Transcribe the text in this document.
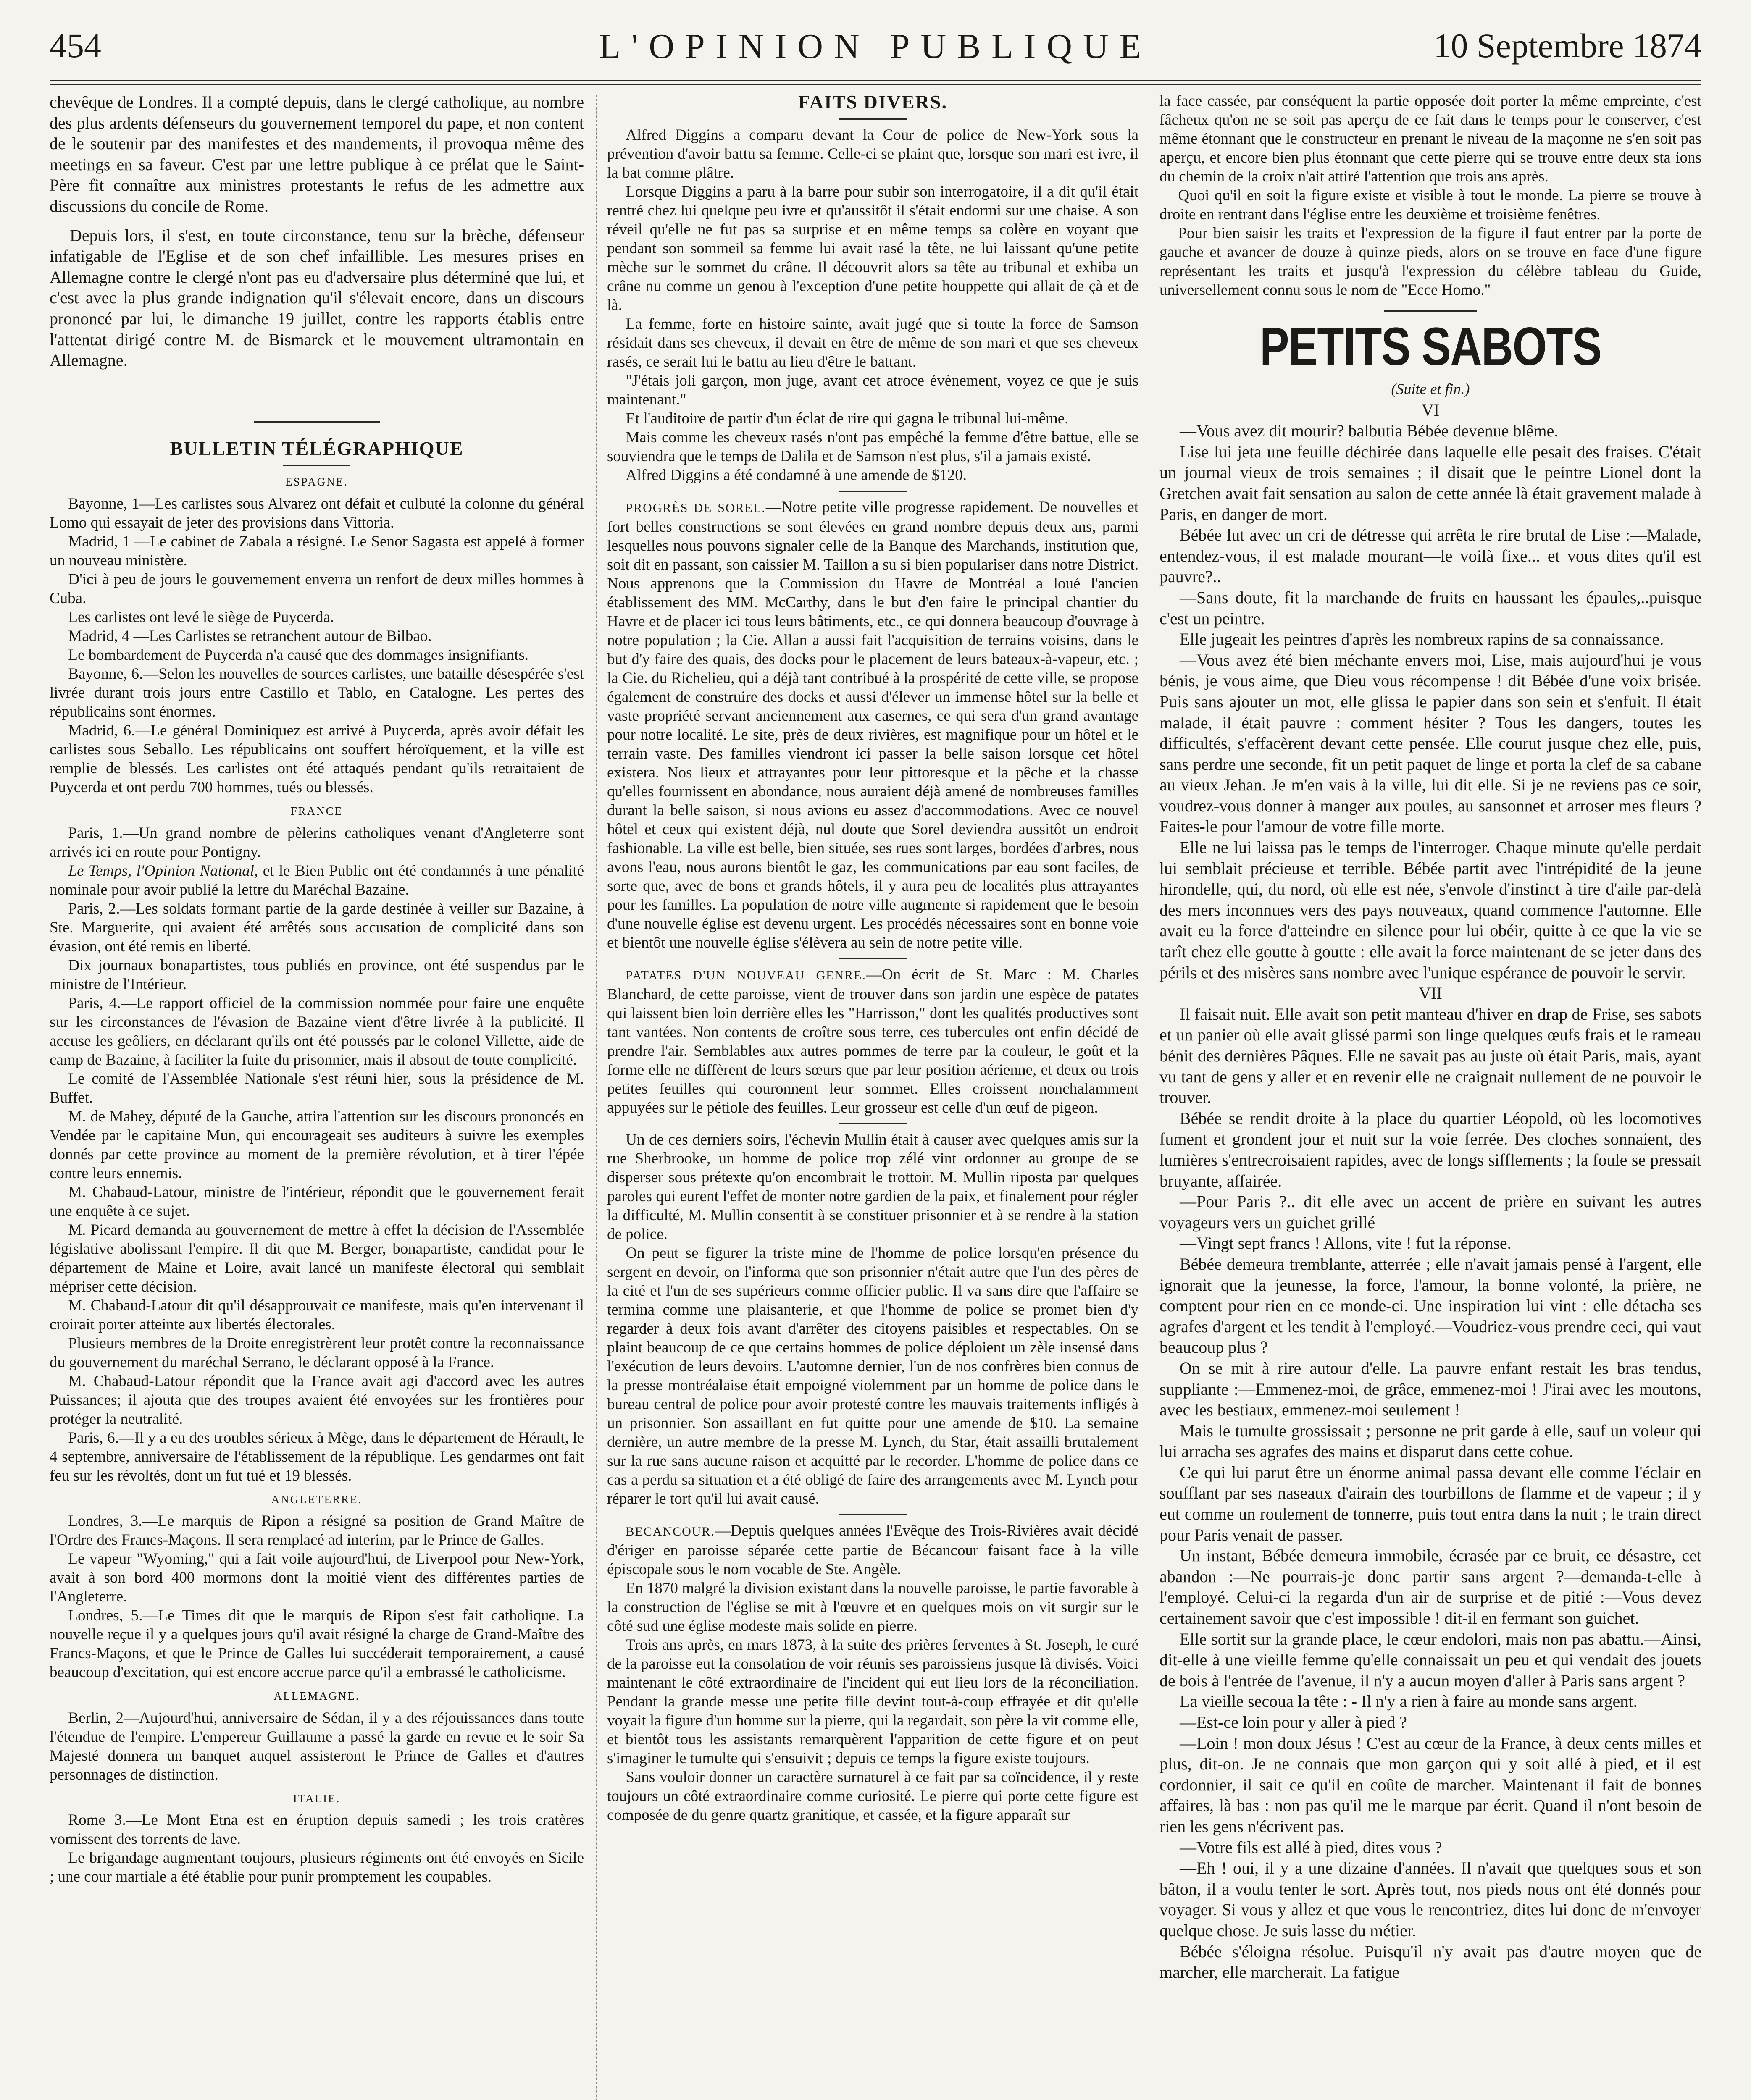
454	L'OPINION PUBLIQUE	10 Septembre 1874

chevêque de Londres. Il a compté depuis, dans le clergé catholique, au nombre des plus ardents défenseurs du gouvernement temporel du pape, et non content de le soutenir par des manifestes et des mandements, il provoqua même des meetings en sa faveur. C'est par une lettre publique à ce prélat que le Saint-Père fit connaître aux ministres protestants le refus de les admettre aux discussions du concile de Rome.

Depuis lors, il s'est, en toute circonstance, tenu sur la brèche, défenseur infatigable de l'Eglise et de son chef infaillible. Les mesures prises en Allemagne contre le clergé n'ont pas eu d'adversaire plus déterminé que lui, et c'est avec la plus grande indignation qu'il s'élevait encore, dans un discours prononcé par lui, le dimanche 19 juillet, contre les rapports établis entre l'attentat dirigé contre M. de Bismarck et le mouvement ultramontain en Allemagne.

BULLETIN TÉLÉGRAPHIQUE
ESPAGNE.

Bayonne, 1—Les carlistes sous Alvarez ont défait et culbuté la colonne du général Lomo qui essayait de jeter des provisions dans Vittoria.

Madrid, 1 —Le cabinet de Zabala a résigné. Le Senor Sagasta est appelé à former un nouveau ministère.

D'ici à peu de jours le gouvernement enverra un renfort de deux milles hommes à Cuba.

Les carlistes ont levé le siège de Puycerda.

Madrid, 4 —Les Carlistes se retranchent autour de Bilbao.

Le bombardement de Puycerda n'a causé que des dommages insignifiants.

Bayonne, 6.—Selon les nouvelles de sources carlistes, une bataille désespérée s'est livrée durant trois jours entre Castillo et Tablo, en Catalogne. Les pertes des républicains sont énormes.

Madrid, 6.—Le général Dominiquez est arrivé à Puycerda, après avoir défait les carlistes sous Seballo. Les républicains ont souffert héroïquement, et la ville est remplie de blessés. Les carlistes ont été attaqués pendant qu'ils retraitaient de Puycerda et ont perdu 700 hommes, tués ou blessés.

FRANCE

Paris, 1.—Un grand nombre de pèlerins catholiques venant d'Angleterre sont arrivés ici en route pour Pontigny.

Le Temps, l'Opinion National, et le Bien Public ont été condamnés à une pénalité nominale pour avoir publié la lettre du Maréchal Bazaine.

Paris, 2.—Les soldats formant partie de la garde destinée à veiller sur Bazaine, à Ste. Marguerite, qui avaient été arrêtés sous accusation de complicité dans son évasion, ont été remis en liberté.

Dix journaux bonapartistes, tous publiés en province, ont été suspendus par le ministre de l'Intérieur.

Paris, 4.—Le rapport officiel de la commission nommée pour faire une enquête sur les circonstances de l'évasion de Bazaine vient d'être livrée à la publicité. Il accuse les geôliers, en déclarant qu'ils ont été poussés par le colonel Villette, aide de camp de Bazaine, à faciliter la fuite du prisonnier, mais il absout de toute complicité.

Le comité de l'Assemblée Nationale s'est réuni hier, sous la présidence de M. Buffet.

M. de Mahey, député de la Gauche, attira l'attention sur les discours prononcés en Vendée par le capitaine Mun, qui encourageait ses auditeurs à suivre les exemples donnés par cette province au moment de la première révolution, et à tirer l'épée contre leurs ennemis.

M. Chabaud-Latour, ministre de l'intérieur, répondit que le gouvernement ferait une enquête à ce sujet.

M. Picard demanda au gouvernement de mettre à effet la décision de l'Assemblée législative abolissant l'empire. Il dit que M. Berger, bonapartiste, candidat pour le département de Maine et Loire, avait lancé un manifeste électoral qui semblait mépriser cette décision.

M. Chabaud-Latour dit qu'il désapprouvait ce manifeste, mais qu'en intervenant il croirait porter atteinte aux libertés électorales.

Plusieurs membres de la Droite enregistrèrent leur protêt contre la reconnaissance du gouvernement du maréchal Serrano, le déclarant opposé à la France.

M. Chabaud-Latour répondit que la France avait agi d'accord avec les autres Puissances; il ajouta que des troupes avaient été envoyées sur les frontières pour protéger la neutralité.

Paris, 6.—Il y a eu des troubles sérieux à Mège, dans le département de Hérault, le 4 septembre, anniversaire de l'établissement de la république. Les gendarmes ont fait feu sur les révoltés, dont un fut tué et 19 blessés.

ANGLETERRE.

Londres, 3.—Le marquis de Ripon a résigné sa position de Grand Maître de l'Ordre des Francs-Maçons. Il sera remplacé ad interim, par le Prince de Galles.

Le vapeur "Wyoming," qui a fait voile aujourd'hui, de Liverpool pour New-York, avait à son bord 400 mormons dont la moitié vient des différentes parties de l'Angleterre.

Londres, 5.—Le Times dit que le marquis de Ripon s'est fait catholique. La nouvelle reçue il y a quelques jours qu'il avait résigné la charge de Grand-Maître des Francs-Maçons, et que le Prince de Galles lui succéderait temporairement, a causé beaucoup d'excitation, qui est encore accrue parce qu'il a embrassé le catholicisme.

ALLEMAGNE.

Berlin, 2—Aujourd'hui, anniversaire de Sédan, il y a des réjouissances dans toute l'étendue de l'empire. L'empereur Guillaume a passé la garde en revue et le soir Sa Majesté donnera un banquet auquel assisteront le Prince de Galles et d'autres personnages de distinction.

ITALIE.

Rome 3.—Le Mont Etna est en éruption depuis samedi ; les trois cratères vomissent des torrents de lave.

Le brigandage augmentant toujours, plusieurs régiments ont été envoyés en Sicile ; une cour martiale a été établie pour punir promptement les coupables.

FAITS DIVERS.

Alfred Diggins a comparu devant la Cour de police de New-York sous la prévention d'avoir battu sa femme. Celle-ci se plaint que, lorsque son mari est ivre, il la bat comme plâtre.

Lorsque Diggins a paru à la barre pour subir son interrogatoire, il a dit qu'il était rentré chez lui quelque peu ivre et qu'aussitôt il s'était endormi sur une chaise. A son réveil qu'elle ne fut pas sa surprise et en même temps sa colère en voyant que pendant son sommeil sa femme lui avait rasé la tête, ne lui laissant qu'une petite mèche sur le sommet du crâne. Il découvrit alors sa tête au tribunal et exhiba un crâne nu comme un genou à l'exception d'une petite houppette qui allait de çà et de là.

La femme, forte en histoire sainte, avait jugé que si toute la force de Samson résidait dans ses cheveux, il devait en être de même de son mari et que ses cheveux rasés, ce serait lui le battu au lieu d'être le battant.

"J'étais joli garçon, mon juge, avant cet atroce évènement, voyez ce que je suis maintenant."

Et l'auditoire de partir d'un éclat de rire qui gagna le tribunal lui-même.

Mais comme les cheveux rasés n'ont pas empêché la femme d'être battue, elle se souviendra que le temps de Dalila et de Samson n'est plus, s'il a jamais existé.

Alfred Diggins a été condamné à une amende de $120.

PROGRÈS DE SOREL.—Notre petite ville progresse rapidement. De nouvelles et fort belles constructions se sont élevées en grand nombre depuis deux ans, parmi lesquelles nous pouvons signaler celle de la Banque des Marchands, institution que, soit dit en passant, son caissier M. Taillon a su si bien populariser dans notre District. Nous apprenons que la Commission du Havre de Montréal a loué l'ancien établissement des MM. McCarthy, dans le but d'en faire le principal chantier du Havre et de placer ici tous leurs bâtiments, etc., ce qui donnera beaucoup d'ouvrage à notre population ; la Cie. Allan a aussi fait l'acquisition de terrains voisins, dans le but d'y faire des quais, des docks pour le placement de leurs bateaux-à-vapeur, etc. ; la Cie. du Richelieu, qui a déjà tant contribué à la prospérité de cette ville, se propose également de construire des docks et aussi d'élever un immense hôtel sur la belle et vaste propriété servant anciennement aux casernes, ce qui sera d'un grand avantage pour notre localité. Le site, près de deux rivières, est magnifique pour un hôtel et le terrain vaste. Des familles viendront ici passer la belle saison lorsque cet hôtel existera. Nos lieux et attrayantes pour leur pittoresque et la pêche et la chasse qu'elles fournissent en abondance, nous auraient déjà amené de nombreuses familles durant la belle saison, si nous avions eu assez d'accommodations. Avec ce nouvel hôtel et ceux qui existent déjà, nul doute que Sorel deviendra aussitôt un endroit fashionable. La ville est belle, bien située, ses rues sont larges, bordées d'arbres, nous avons l'eau, nous aurons bientôt le gaz, les communications par eau sont faciles, de sorte que, avec de bons et grands hôtels, il y aura peu de localités plus attrayantes pour les familles. La population de notre ville augmente si rapidement que le besoin d'une nouvelle église est devenu urgent. Les procédés nécessaires sont en bonne voie et bientôt une nouvelle église s'élèvera au sein de notre petite ville.

PATATES D'UN NOUVEAU GENRE.—On écrit de St. Marc : M. Charles Blanchard, de cette paroisse, vient de trouver dans son jardin une espèce de patates qui laissent bien loin derrière elles les "Harrisson," dont les qualités productives sont tant vantées. Non contents de croître sous terre, ces tubercules ont enfin décidé de prendre l'air. Semblables aux autres pommes de terre par la couleur, le goût et la forme elle ne diffèrent de leurs sœurs que par leur position aérienne, et deux ou trois petites feuilles qui couronnent leur sommet. Elles croissent nonchalamment appuyées sur le pétiole des feuilles. Leur grosseur est celle d'un œuf de pigeon.

Un de ces derniers soirs, l'échevin Mullin était à causer avec quelques amis sur la rue Sherbrooke, un homme de police trop zélé vint ordonner au groupe de se disperser sous prétexte qu'on encombrait le trottoir. M. Mullin riposta par quelques paroles qui eurent l'effet de monter notre gardien de la paix, et finalement pour régler la difficulté, M. Mullin consentit à se constituer prisonnier et à se rendre à la station de police.

On peut se figurer la triste mine de l'homme de police lorsqu'en présence du sergent en devoir, on l'informa que son prisonnier n'était autre que l'un des pères de la cité et l'un de ses supérieurs comme officier public. Il va sans dire que l'affaire se termina comme une plaisanterie, et que l'homme de police se promet bien d'y regarder à deux fois avant d'arrêter des citoyens paisibles et respectables. On se plaint beaucoup de ce que certains hommes de police déploient un zèle insensé dans l'exécution de leurs devoirs. L'automne dernier, l'un de nos confrères bien connus de la presse montréalaise était empoigné violemment par un homme de police dans le bureau central de police pour avoir protesté contre les mauvais traitements infligés à un prisonnier. Son assaillant en fut quitte pour une amende de $10. La semaine dernière, un autre membre de la presse M. Lynch, du Star, était assailli brutalement sur la rue sans aucune raison et acquitté par le recorder. L'homme de police dans ce cas a perdu sa situation et a été obligé de faire des arrangements avec M. Lynch pour réparer le tort qu'il lui avait causé.

BECANCOUR.—Depuis quelques années l'Evêque des Trois-Rivières avait décidé d'ériger en paroisse séparée cette partie de Bécancour faisant face à la ville épiscopale sous le nom vocable de Ste. Angèle.

En 1870 malgré la division existant dans la nouvelle paroisse, le partie favorable à la construction de l'église se mit à l'œuvre et en quelques mois on vit surgir sur le côté sud une église modeste mais solide en pierre.

Trois ans après, en mars 1873, à la suite des prières ferventes à St. Joseph, le curé de la paroisse eut la consolation de voir réunis ses paroissiens jusque là divisés. Voici maintenant le côté extraordinaire de l'incident qui eut lieu lors de la réconciliation. Pendant la grande messe une petite fille devint tout-à-coup effrayée et dit qu'elle voyait la figure d'un homme sur la pierre, qui la regardait, son père la vit comme elle, et bientôt tous les assistants remarquèrent l'apparition de cette figure et on peut s'imaginer le tumulte qui s'ensuivit ; depuis ce temps la figure existe toujours.

Sans vouloir donner un caractère surnaturel à ce fait par sa coïncidence, il y reste toujours un côté extraordinaire comme curiosité. Le pierre qui porte cette figure est composée de du genre quartz granitique, et cassée, et la figure apparaît sur

la face cassée, par conséquent la partie opposée doit porter la même empreinte, c'est fâcheux qu'on ne se soit pas aperçu de ce fait dans le temps pour le conserver, c'est même étonnant que le constructeur en prenant le niveau de la maçonne ne s'en soit pas aperçu, et encore bien plus étonnant que cette pierre qui se trouve entre deux sta ions du chemin de la croix n'ait attiré l'attention que trois ans après.

Quoi qu'il en soit la figure existe et visible à tout le monde. La pierre se trouve à droite en rentrant dans l'église entre les deuxième et troisième fenêtres.

Pour bien saisir les traits et l'expression de la figure il faut entrer par la porte de gauche et avancer de douze à quinze pieds, alors on se trouve en face d'une figure représentant les traits et jusqu'à l'expression du célèbre tableau du Guide, universellement connu sous le nom de "Ecce Homo."

PETITS SABOTS
(Suite et fin.)
VI

—Vous avez dit mourir? balbutia Bébée devenue blême.

Lise lui jeta une feuille déchirée dans laquelle elle pesait des fraises. C'était un journal vieux de trois semaines ; il disait que le peintre Lionel dont la Gretchen avait fait sensation au salon de cette année là était gravement malade à Paris, en danger de mort.

Bébée lut avec un cri de détresse qui arrêta le rire brutal de Lise :—Malade, entendez-vous, il est malade mourant—le voilà fixe... et vous dites qu'il est pauvre?..

—Sans doute, fit la marchande de fruits en haussant les épaules,..puisque c'est un peintre.

Elle jugeait les peintres d'après les nombreux rapins de sa connaissance.

—Vous avez été bien méchante envers moi, Lise, mais aujourd'hui je vous bénis, je vous aime, que Dieu vous récompense ! dit Bébée d'une voix brisée. Puis sans ajouter un mot, elle glissa le papier dans son sein et s'enfuit. Il était malade, il était pauvre : comment hésiter ? Tous les dangers, toutes les difficultés, s'effacèrent devant cette pensée. Elle courut jusque chez elle, puis, sans perdre une seconde, fit un petit paquet de linge et porta la clef de sa cabane au vieux Jehan. Je m'en vais à la ville, lui dit elle. Si je ne reviens pas ce soir, voudrez-vous donner à manger aux poules, au sansonnet et arroser mes fleurs ? Faites-le pour l'amour de votre fille morte.

Elle ne lui laissa pas le temps de l'interroger. Chaque minute qu'elle perdait lui semblait précieuse et terrible. Bébée partit avec l'intrépidité de la jeune hirondelle, qui, du nord, où elle est née, s'envole d'instinct à tire d'aile par-delà des mers inconnues vers des pays nouveaux, quand commence l'automne. Elle avait eu la force d'atteindre en silence pour lui obéir, quitte à ce que la vie se tarît chez elle goutte à goutte : elle avait la force maintenant de se jeter dans des périls et des misères sans nombre avec l'unique espérance de pouvoir le servir.

VII

Il faisait nuit. Elle avait son petit manteau d'hiver en drap de Frise, ses sabots et un panier où elle avait glissé parmi son linge quelques œufs frais et le rameau bénit des dernières Pâques. Elle ne savait pas au juste où était Paris, mais, ayant vu tant de gens y aller et en revenir elle ne craignait nullement de ne pouvoir le trouver.

Bébée se rendit droite à la place du quartier Léopold, où les locomotives fument et grondent jour et nuit sur la voie ferrée. Des cloches sonnaient, des lumières s'entrecroisaient rapides, avec de longs sifflements ; la foule se pressait bruyante, affairée.

—Pour Paris ?.. dit elle avec un accent de prière en suivant les autres voyageurs vers un guichet grillé

—Vingt sept francs ! Allons, vite ! fut la réponse.

Bébée demeura tremblante, atterrée ; elle n'avait jamais pensé à l'argent, elle ignorait que la jeunesse, la force, l'amour, la bonne volonté, la prière, ne comptent pour rien en ce monde-ci. Une inspiration lui vint : elle détacha ses agrafes d'argent et les tendit à l'employé.—Voudriez-vous prendre ceci, qui vaut beaucoup plus ?

On se mit à rire autour d'elle. La pauvre enfant restait les bras tendus, suppliante :—Emmenez-moi, de grâce, emmenez-moi ! J'irai avec les moutons, avec les bestiaux, emmenez-moi seulement !

Mais le tumulte grossissait ; personne ne prit garde à elle, sauf un voleur qui lui arracha ses agrafes des mains et disparut dans cette cohue.

Ce qui lui parut être un énorme animal passa devant elle comme l'éclair en soufflant par ses naseaux d'airain des tourbillons de flamme et de vapeur ; il y eut comme un roulement de tonnerre, puis tout entra dans la nuit ; le train direct pour Paris venait de passer.

Un instant, Bébée demeura immobile, écrasée par ce bruit, ce désastre, cet abandon :—Ne pourrais-je donc partir sans argent ?—demanda-t-elle à l'employé. Celui-ci la regarda d'un air de surprise et de pitié :—Vous devez certainement savoir que c'est impossible ! dit-il en fermant son guichet.

Elle sortit sur la grande place, le cœur endolori, mais non pas abattu.—Ainsi, dit-elle à une vieille femme qu'elle connaissait un peu et qui vendait des jouets de bois à l'entrée de l'avenue, il n'y a aucun moyen d'aller à Paris sans argent ?

La vieille secoua la tête : - Il n'y a rien à faire au monde sans argent.

—Est-ce loin pour y aller à pied ?

—Loin ! mon doux Jésus ! C'est au cœur de la France, à deux cents milles et plus, dit-on. Je ne connais que mon garçon qui y soit allé à pied, et il est cordonnier, il sait ce qu'il en coûte de marcher. Maintenant il fait de bonnes affaires, là bas : non pas qu'il me le marque par écrit. Quand il n'ont besoin de rien les gens n'écrivent pas.

—Votre fils est allé à pied, dites vous ?

—Eh ! oui, il y a une dizaine d'années. Il n'avait que quelques sous et son bâton, il a voulu tenter le sort. Après tout, nos pieds nous ont été donnés pour voyager. Si vous y allez et que vous le rencontriez, dites lui donc de m'envoyer quelque chose. Je suis lasse du métier.

Bébée s'éloigna résolue. Puisqu'il n'y avait pas d'autre moyen que de marcher, elle marcherait. La fatigue
